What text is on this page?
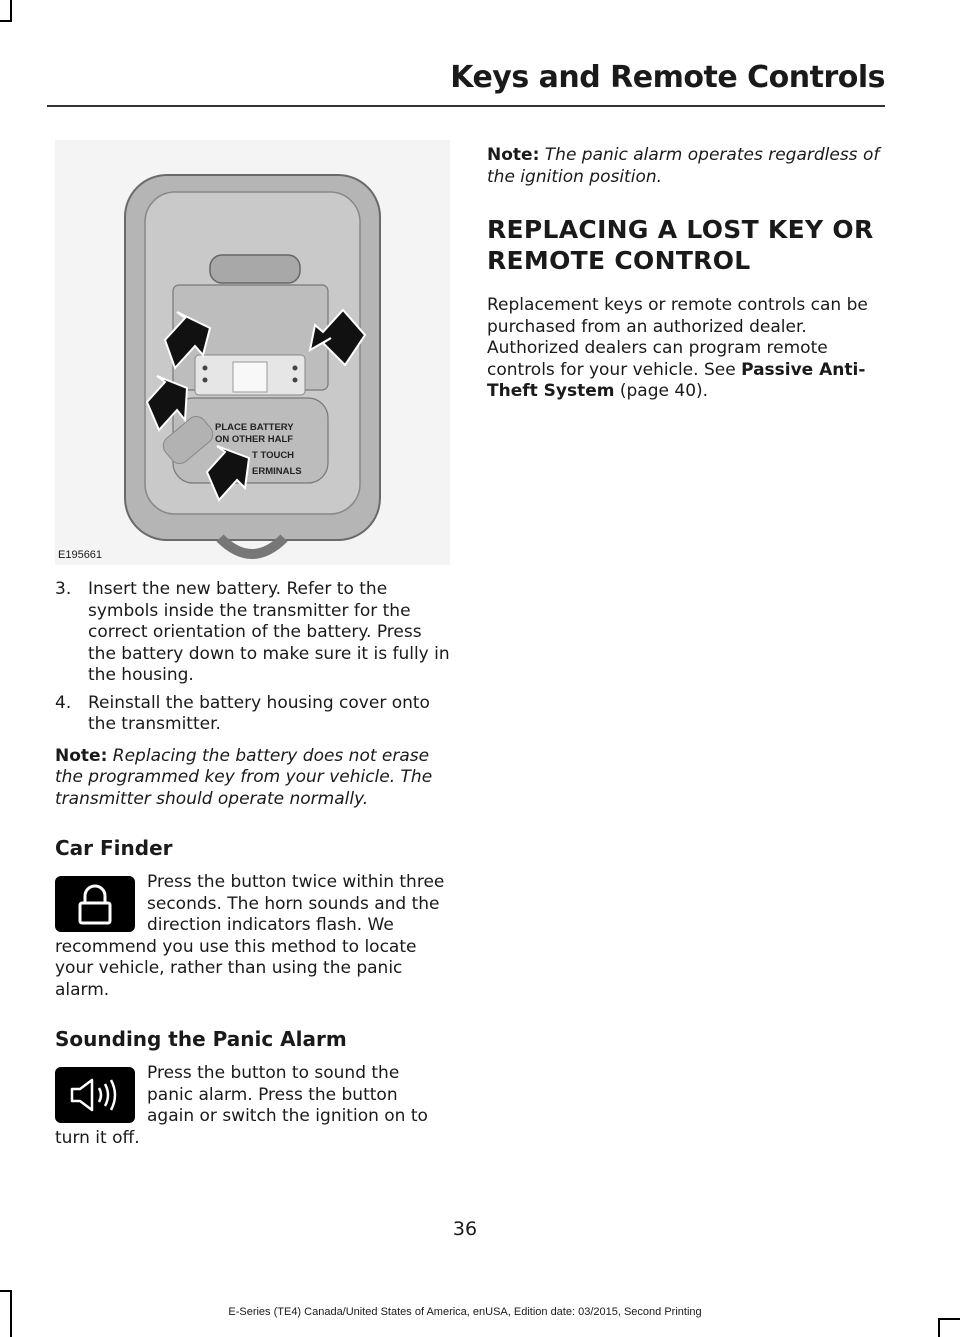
Keys and Remote Controls
PLACE BATTERY
ON OTHER HALF
T TOUCH
ERMINALS
E195661
3. Insert the new battery. Refer to the symbols inside the transmitter for the correct orientation of the battery. Press the battery down to make sure it is fully in the housing.
4. Reinstall the battery housing cover onto the transmitter.

Note: Replacing the battery does not erase the programmed key from your vehicle. The transmitter should operate normally.

Car Finder

Press the button twice within three seconds. The horn sounds and the direction indicators flash. We recommend you use this method to locate your vehicle, rather than using the panic alarm.

Sounding the Panic Alarm

Press the button to sound the panic alarm. Press the button again or switch the ignition on to turn it off.

Note: The panic alarm operates regardless of the ignition position.

REPLACING A LOST KEY OR REMOTE CONTROL

Replacement keys or remote controls can be purchased from an authorized dealer. Authorized dealers can program remote controls for your vehicle. See Passive Anti-Theft System (page 40).

36
E-Series (TE4) Canada/United States of America, enUSA, Edition date: 03/2015, Second Printing
